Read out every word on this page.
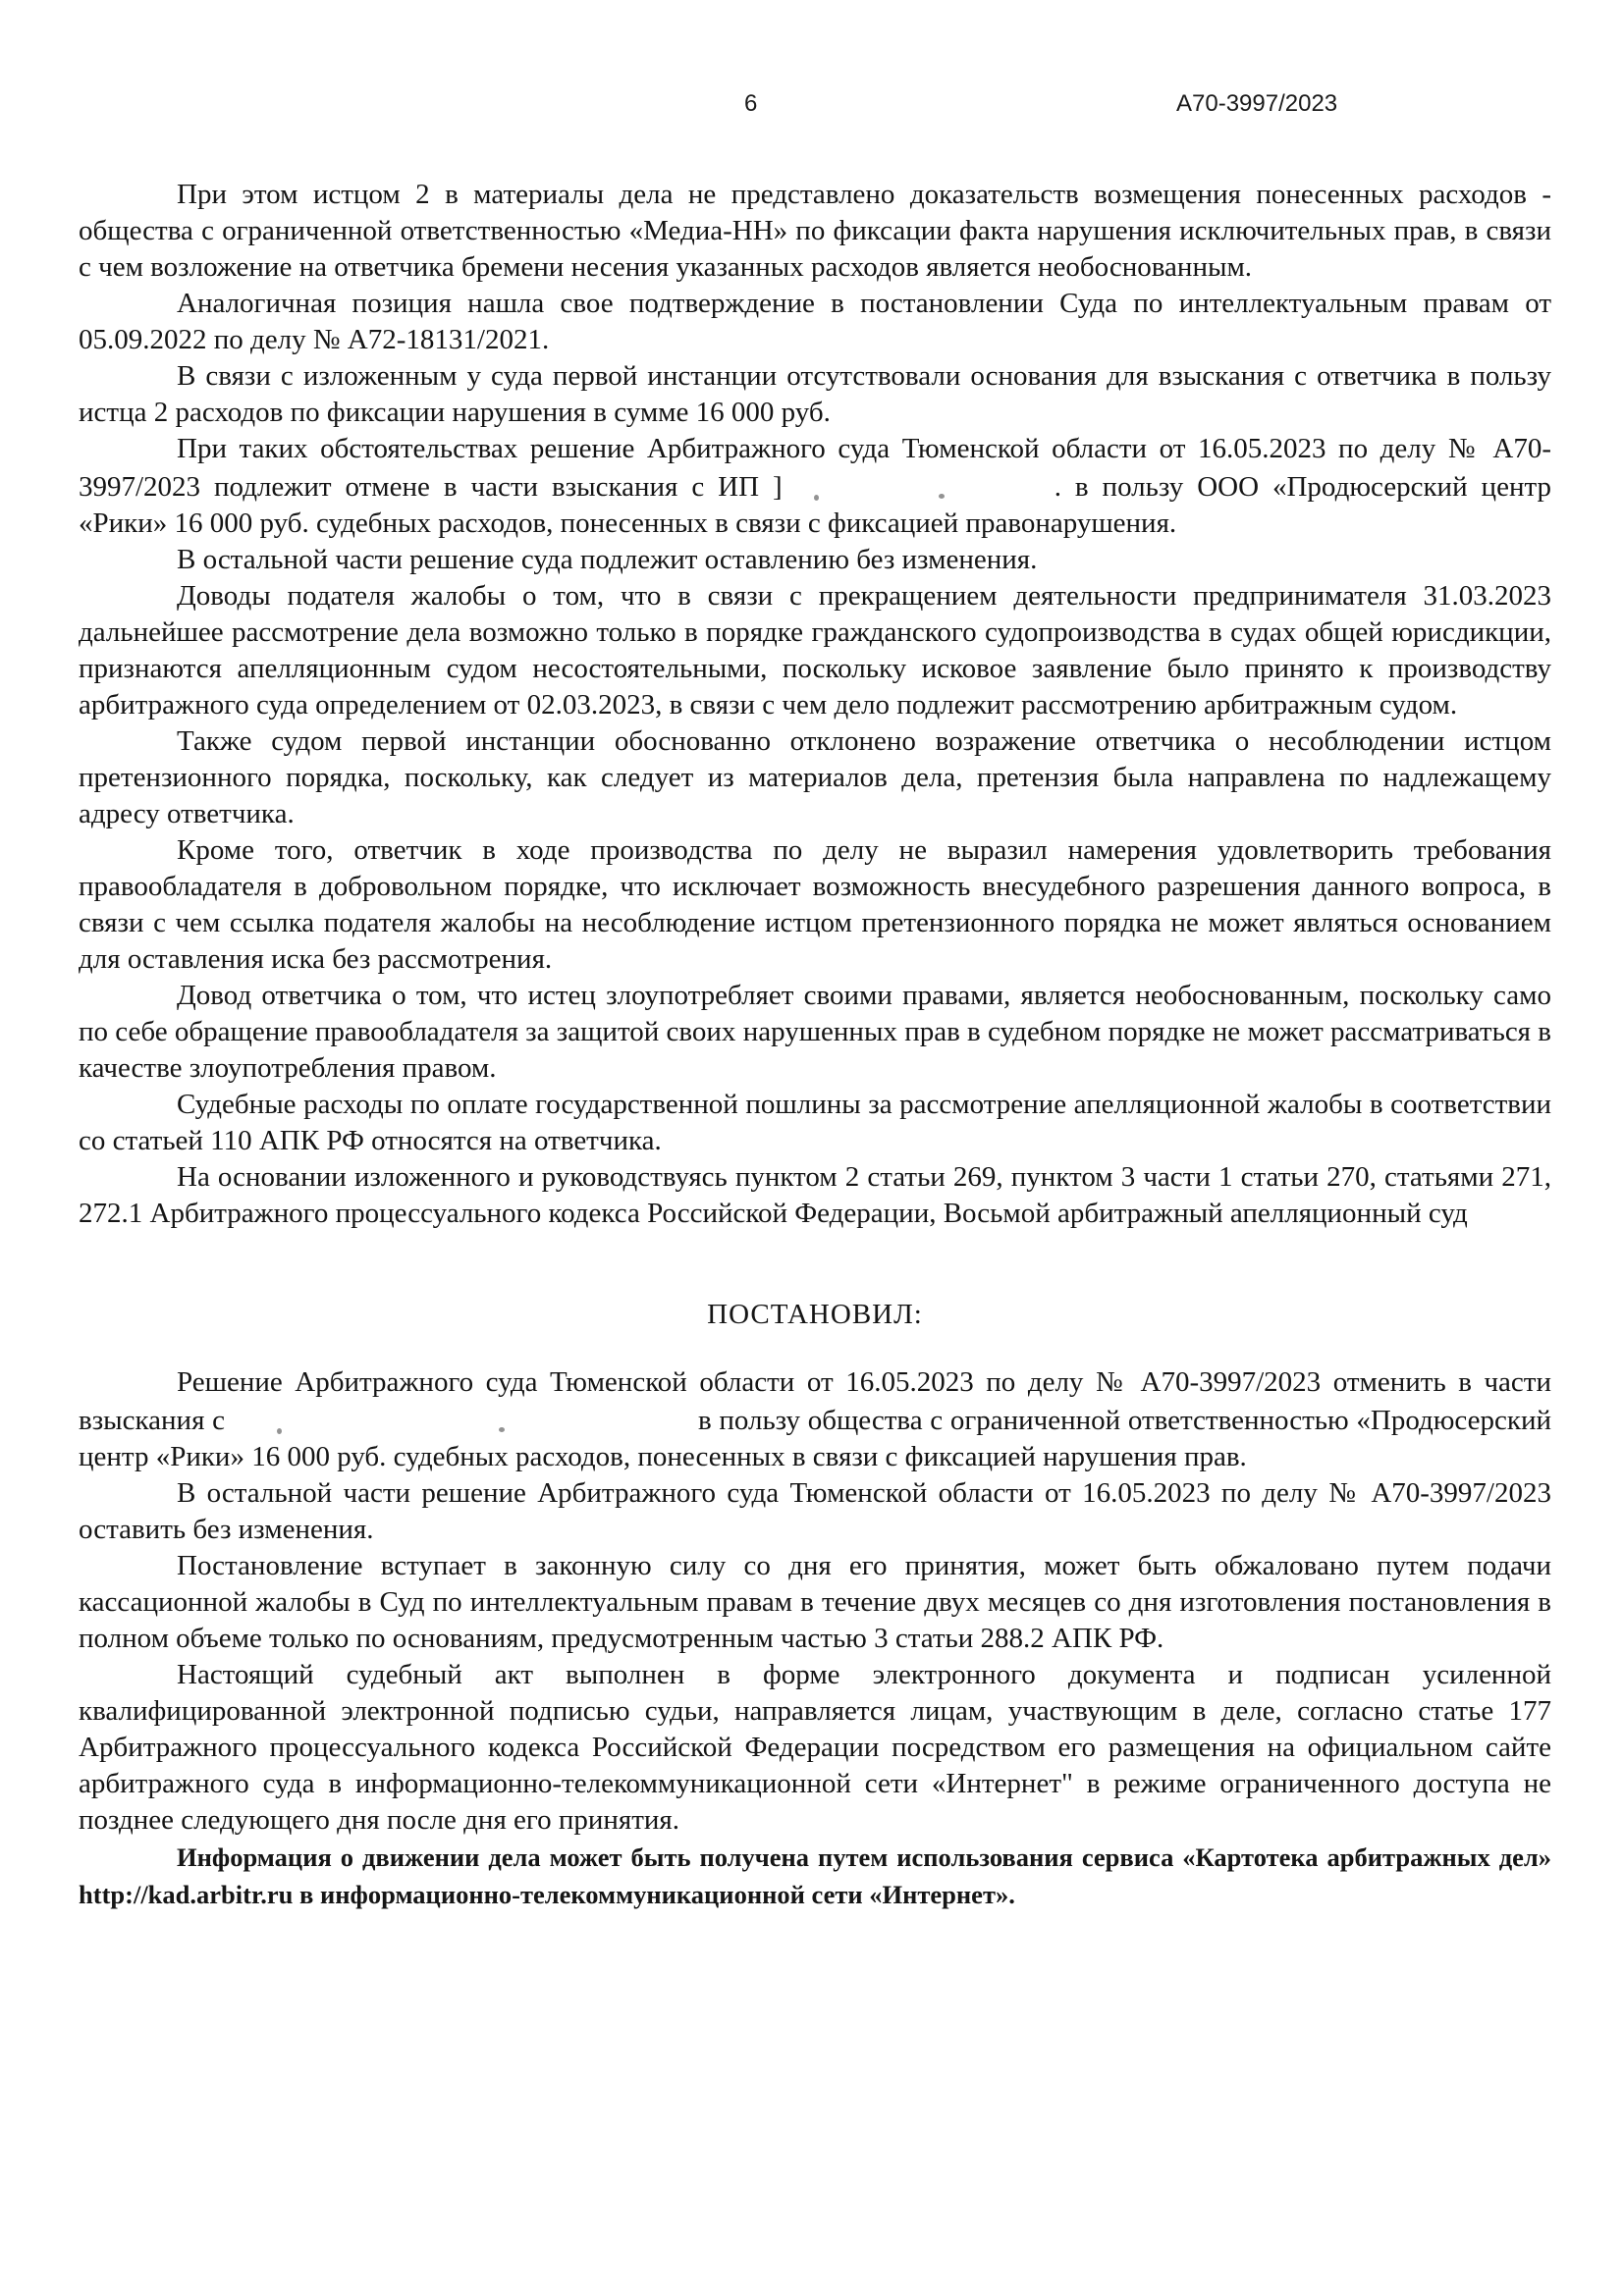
6	А70-3997/2023

При этом истцом 2 в материалы дела не представлено доказательств возмещения понесенных расходов - общества с ограниченной ответственностью «Медиа-НН» по фиксации факта нарушения исключительных прав, в связи с чем возложение на ответчика бремени несения указанных расходов является необоснованным.

Аналогичная позиция нашла свое подтверждение в постановлении Суда по интеллектуальным правам от 05.09.2022 по делу № А72-18131/2021.

В связи с изложенным у суда первой инстанции отсутствовали основания для взыскания с ответчика в пользу истца 2 расходов по фиксации нарушения в сумме 16 000 руб.

При таких обстоятельствах решение Арбитражного суда Тюменской области от 16.05.2023 по делу № А70-3997/2023 подлежит отмене в части взыскания с ИП ]	. в пользу ООО «Продюсерский центр «Рики» 16 000 руб. судебных расходов, понесенных в связи с фиксацией правонарушения.

В остальной части решение суда подлежит оставлению без изменения.

Доводы подателя жалобы о том, что в связи с прекращением деятельности предпринимателя 31.03.2023 дальнейшее рассмотрение дела возможно только в порядке гражданского судопроизводства в судах общей юрисдикции, признаются апелляционным судом несостоятельными, поскольку исковое заявление было принято к производству арбитражного суда определением от 02.03.2023, в связи с чем дело подлежит рассмотрению арбитражным судом.

Также судом первой инстанции обоснованно отклонено возражение ответчика о несоблюдении истцом претензионного порядка, поскольку, как следует из материалов дела, претензия была направлена по надлежащему адресу ответчика.

Кроме того, ответчик в ходе производства по делу не выразил намерения удовлетворить требования правообладателя в добровольном порядке, что исключает возможность внесудебного разрешения данного вопроса, в связи с чем ссылка подателя жалобы на несоблюдение истцом претензионного порядка не может являться основанием для оставления иска без рассмотрения.

Довод ответчика о том, что истец злоупотребляет своими правами, является необоснованным, поскольку само по себе обращение правообладателя за защитой своих нарушенных прав в судебном порядке не может рассматриваться в качестве злоупотребления правом.

Судебные расходы по оплате государственной пошлины за рассмотрение апелляционной жалобы в соответствии со статьей 110 АПК РФ относятся на ответчика.

На основании изложенного и руководствуясь пунктом 2 статьи 269, пунктом 3 части 1 статьи 270, статьями 271, 272.1 Арбитражного процессуального кодекса Российской Федерации, Восьмой арбитражный апелляционный суд

ПОСТАНОВИЛ:

Решение Арбитражного суда Тюменской области от 16.05.2023 по делу № А70-3997/2023 отменить в части взыскания с	в пользу общества с ограниченной ответственностью «Продюсерский центр «Рики» 16 000 руб. судебных расходов, понесенных в связи с фиксацией нарушения прав.

В остальной части решение Арбитражного суда Тюменской области от 16.05.2023 по делу № А70-3997/2023 оставить без изменения.

Постановление вступает в законную силу со дня его принятия, может быть обжаловано путем подачи кассационной жалобы в Суд по интеллектуальным правам в течение двух месяцев со дня изготовления постановления в полном объеме только по основаниям, предусмотренным частью 3 статьи 288.2 АПК РФ.

Настоящий судебный акт выполнен в форме электронного документа и подписан усиленной квалифицированной электронной подписью судьи, направляется лицам, участвующим в деле, согласно статье 177 Арбитражного процессуального кодекса Российской Федерации посредством его размещения на официальном сайте арбитражного суда в информационно-телекоммуникационной сети «Интернет" в режиме ограниченного доступа не позднее следующего дня после дня его принятия.

Информация о движении дела может быть получена путем использования сервиса «Картотека арбитражных дел» http://kad.arbitr.ru в информационно-телекоммуникационной сети «Интернет».
